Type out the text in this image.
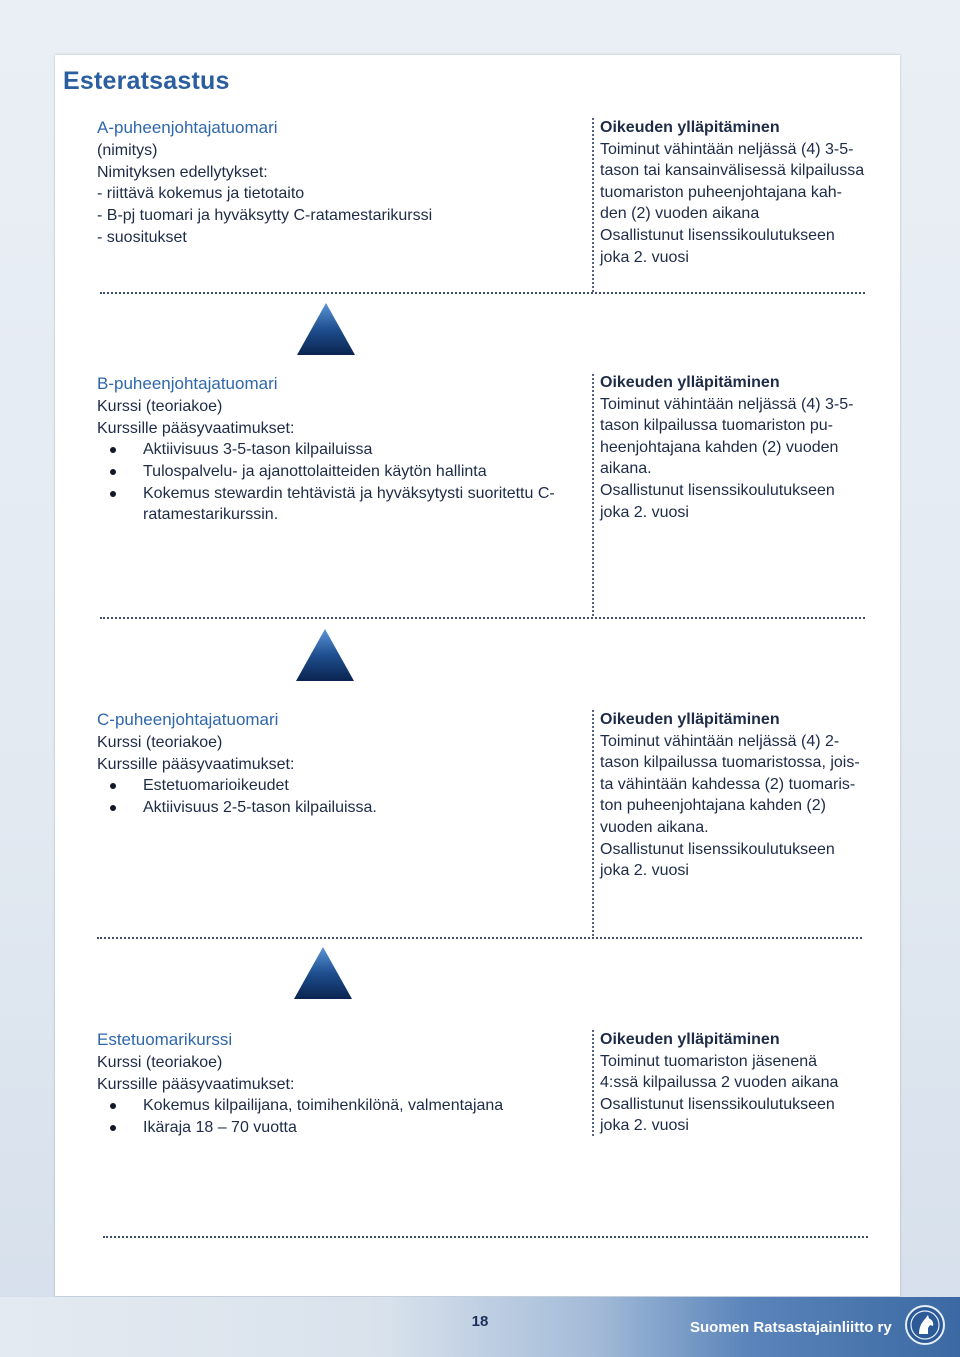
Esteratsastus
A-puheenjohtajatuomari
(nimitys)
Nimityksen edellytykset:
- riittävä kokemus ja tietotaito
- B-pj tuomari ja hyväksytty C-ratamestarikurssi
- suositukset
Oikeuden ylläpitäminen
Toiminut vähintään neljässä (4) 3-5-
tason tai kansainvälisessä kilpailussa
tuomariston puheenjohtajana kah-
den (2) vuoden aikana
Osallistunut lisenssikoulutukseen
joka 2. vuosi
B-puheenjohtajatuomari
Kurssi (teoriakoe)
Kurssille pääsyvaatimukset:
Aktiivisuus 3-5-tason kilpailuissa
Tulospalvelu- ja ajanottolaitteiden käytön hallinta
Kokemus stewardin tehtävistä ja hyväksytysti suoritettu C-
ratamestarikurssin.
Oikeuden ylläpitäminen
Toiminut vähintään neljässä (4) 3-5-
tason kilpailussa tuomariston pu-
heenjohtajana kahden (2) vuoden
aikana.
Osallistunut lisenssikoulutukseen
joka 2. vuosi
C-puheenjohtajatuomari
Kurssi (teoriakoe)
Kurssille pääsyvaatimukset:
Estetuomarioikeudet
Aktiivisuus 2-5-tason kilpailuissa.
Oikeuden ylläpitäminen
Toiminut vähintään neljässä (4) 2-
tason kilpailussa tuomaristossa, jois-
ta vähintään kahdessa (2) tuomaris-
ton puheenjohtajana kahden (2)
vuoden aikana.
Osallistunut lisenssikoulutukseen
joka 2. vuosi
Estetuomarikurssi
Kurssi (teoriakoe)
Kurssille pääsyvaatimukset:
Kokemus kilpailijana, toimihenkilönä, valmentajana
Ikäraja 18 – 70 vuotta
Oikeuden ylläpitäminen
Toiminut tuomariston jäsenenä
4:ssä kilpailussa 2 vuoden aikana
Osallistunut lisenssikoulutukseen
joka 2. vuosi
18	Suomen Ratsastajainliitto ry
